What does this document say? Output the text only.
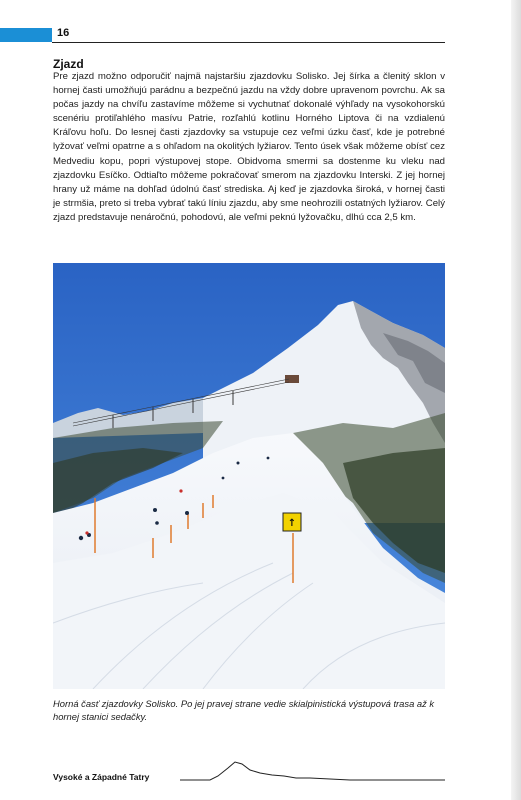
16
Zjazd

Pre zjazd možno odporučiť najmä najstaršiu zjazdovku Solisko. Jej šírka a členitý sklon v hornej časti umožňujú parádnu a bezpečnú jazdu na vždy dobre upravenom povrchu. Ak sa počas jazdy na chvíľu zastavíme môžeme si vychutnať dokonalé výhľady na vysokohorskú scenériu protiľahlého masívu Patrie, rozľahlú kotlinu Horného Liptova či na vzdialenú Kráľovu hoľu. Do lesnej časti zjazdovky sa vstupuje cez veľmi úzku časť, kde je potrebné lyžovať veľmi opatrne a s ohľadom na okolitých lyžiarov. Tento úsek však môžeme obísť cez Medvediu kopu, popri výstupovej stope. Obidvoma smermi sa dostenme ku vleku nad zjazdovku Esíčko. Odtiaľto môžeme pokračovať smerom na zjazdovku Interski. Z jej hornej hrany už máme na dohľad údolnú časť strediska. Aj keď je zjazdovka široká, v hornej časti je strmšia, preto si treba vybrať takú líniu zjazdu, aby sme neohrozili ostatných lyžiarov. Celý zjazd predstavuje nenáročnú, pohodovú, ale veľmi peknú lyžovačku, dlhú cca 2,5 km.

↑

Horná časť zjazdovky Solisko. Po jej pravej strane vedie skialpinistická výstupová trasa až k hornej stanici sedačky.

Vysoké a Západné Tatry
